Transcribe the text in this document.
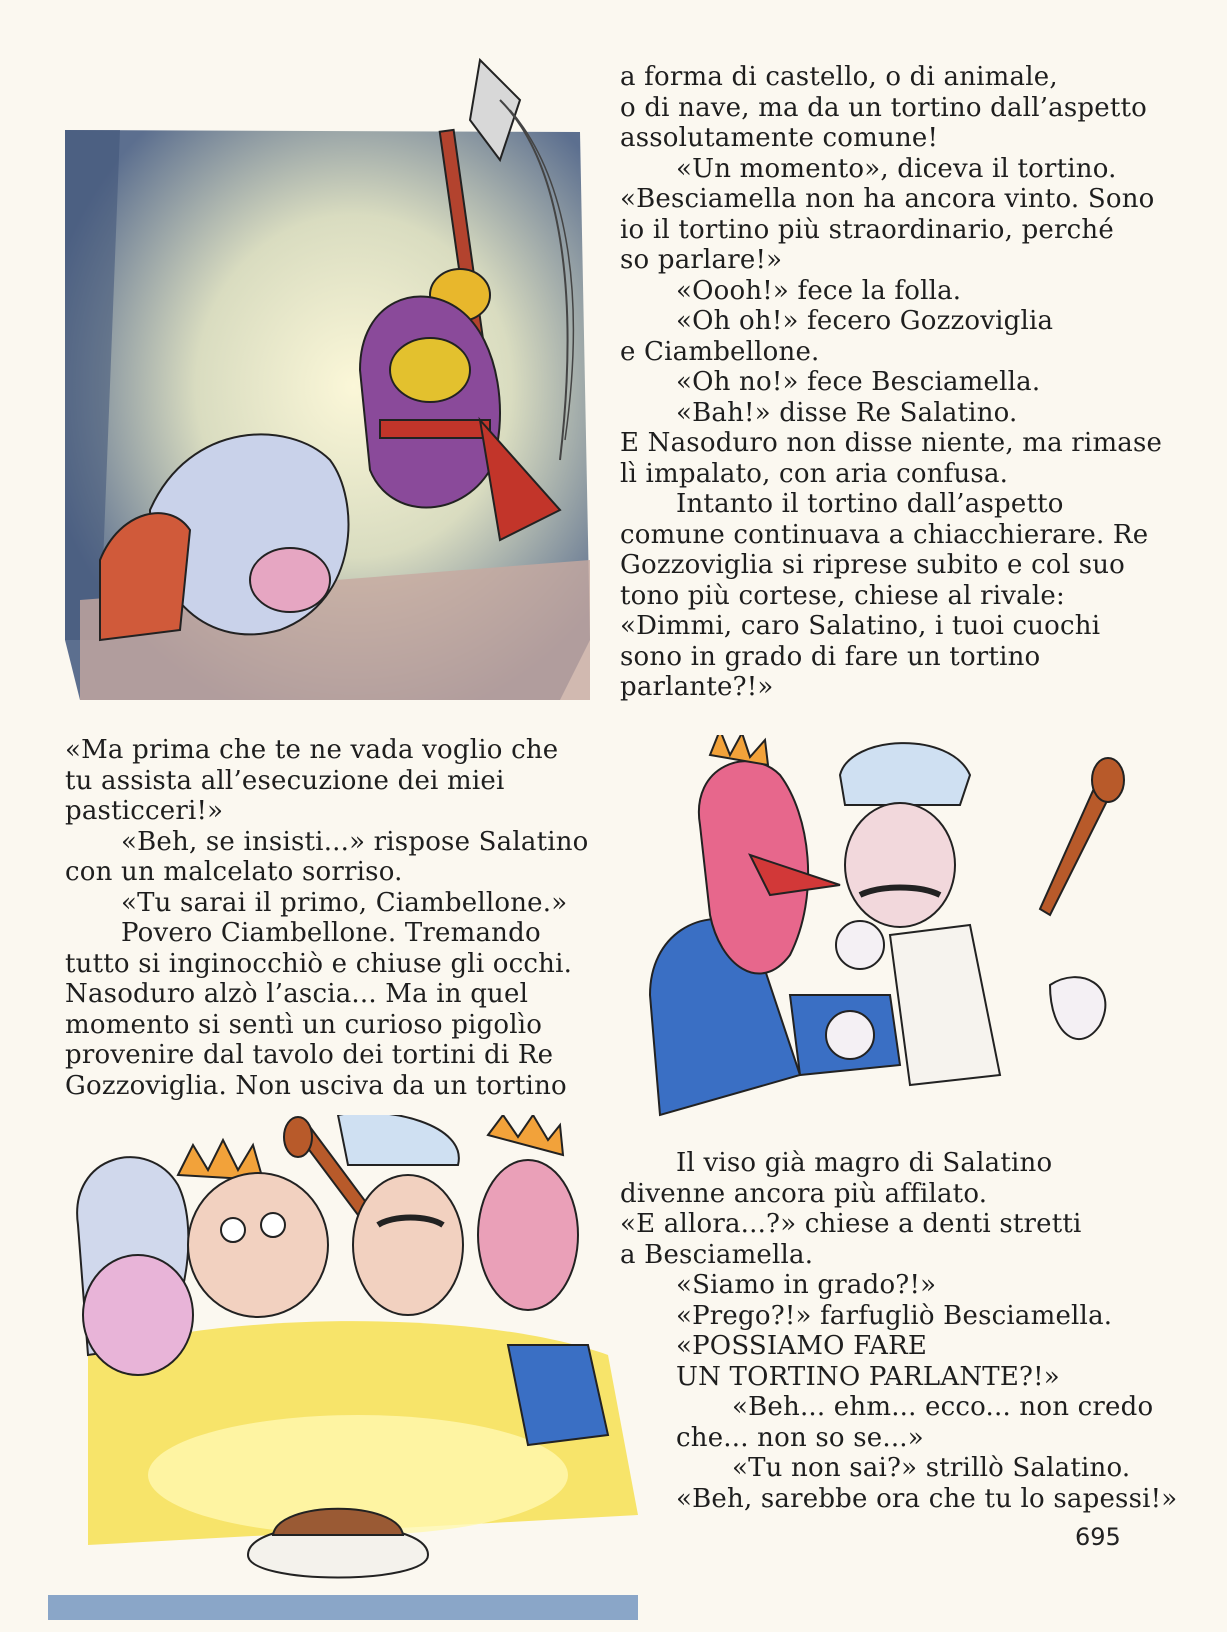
a forma di castello, o di animale,

o di nave, ma da un tortino dall’aspetto

assolutamente comune!

«Un momento», diceva il tortino.

«Besciamella non ha ancora vinto. Sono

io il tortino più straordinario, perché

so parlare!»

«Oooh!» fece la folla.

«Oh oh!» fecero Gozzoviglia

e Ciambellone.

«Oh no!» fece Besciamella.

«Bah!» disse Re Salatino.

E Nasoduro non disse niente, ma rimase

lì impalato, con aria confusa.

Intanto il tortino dall’aspetto

comune continuava a chiacchierare. Re

Gozzoviglia si riprese subito e col suo

tono più cortese, chiese al rivale:

«Dimmi, caro Salatino, i tuoi cuochi

sono in grado di fare un tortino

parlante?!»

«Ma prima che te ne vada voglio che

tu assista all’esecuzione dei miei

pasticceri!»

«Beh, se insisti...» rispose Salatino

con un malcelato sorriso.

«Tu sarai il primo, Ciambellone.»

Povero Ciambellone. Tremando

tutto si inginocchiò e chiuse gli occhi.

Nasoduro alzò l’ascia... Ma in quel

momento si sentì un curioso pigolìo

provenire dal tavolo dei tortini di Re

Gozzoviglia. Non usciva da un tortino

Il viso già magro di Salatino

divenne ancora più affilato.

«E allora...?» chiese a denti stretti

a Besciamella.

«Siamo in grado?!»

«Prego?!» farfugliò Besciamella.

«POSSIAMO FARE

UN TORTINO PARLANTE?!»

«Beh... ehm... ecco... non credo

che... non so se...»

«Tu non sai?» strillò Salatino.

«Beh, sarebbe ora che tu lo sapessi!»

695
